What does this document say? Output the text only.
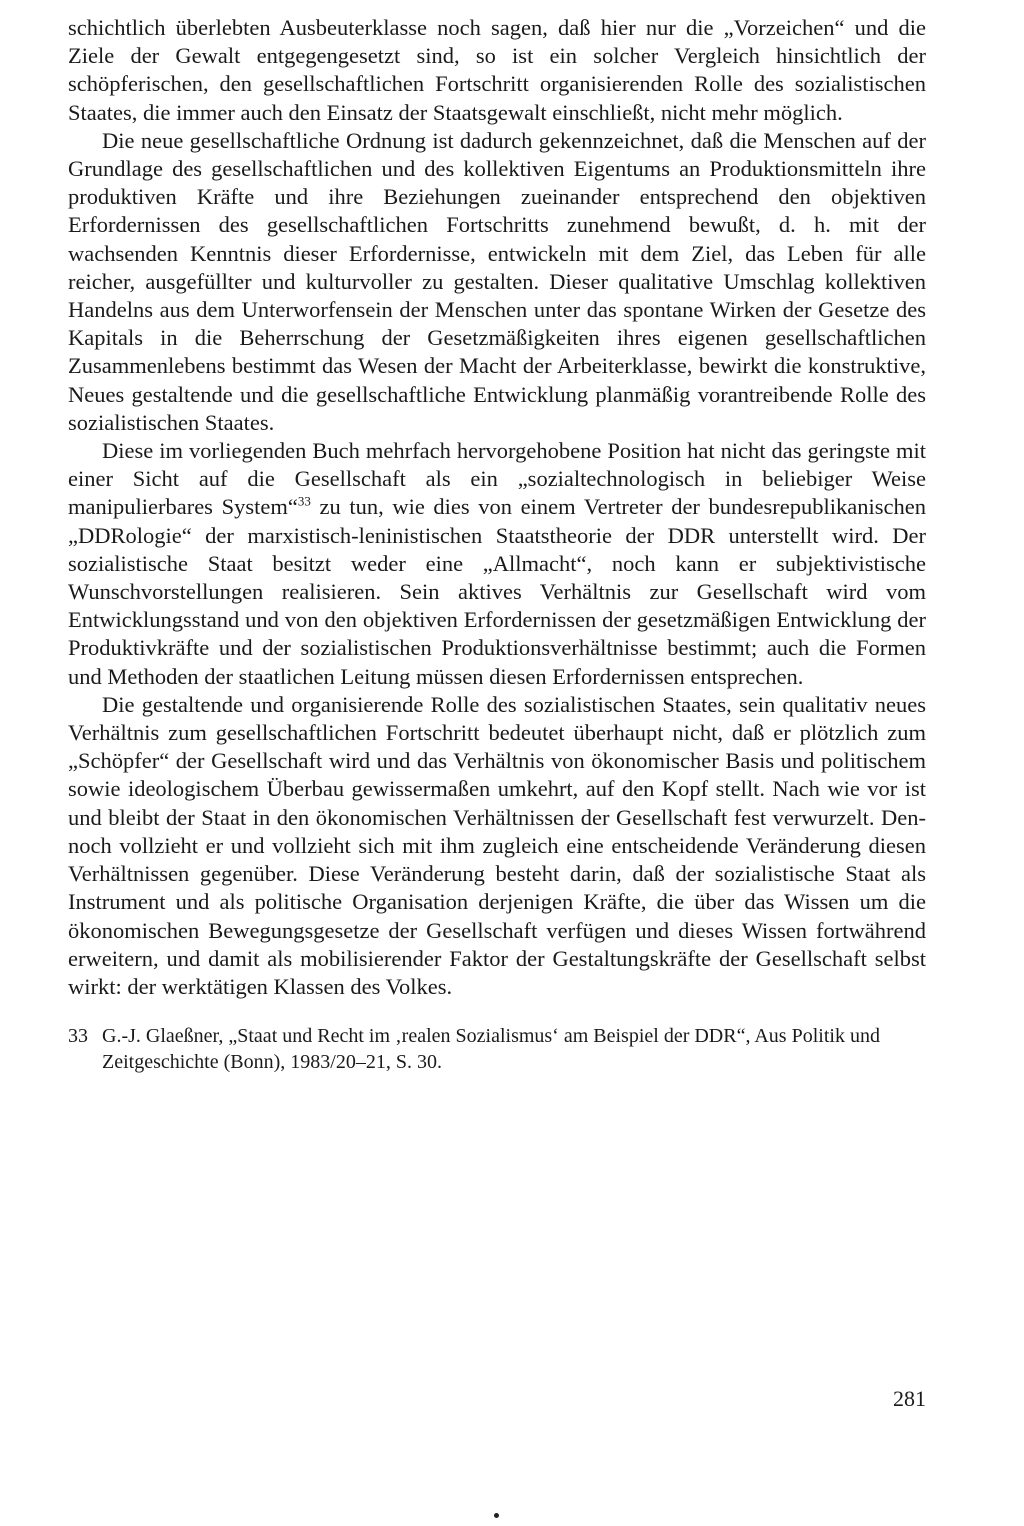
schichtlich überlebten Ausbeuterklasse noch sagen, daß hier nur die „Vorzeichen“ und die Ziele der Gewalt entgegengesetzt sind, so ist ein solcher Vergleich hinsichtlich der schöpferischen, den gesellschaftlichen Fortschritt organisierenden Rolle des sozialistischen Staates, die immer auch den Einsatz der Staatsgewalt einschließt, nicht mehr möglich.

Die neue gesellschaftliche Ordnung ist dadurch gekennzeichnet, daß die Menschen auf der Grundlage des gesellschaftlichen und des kollektiven Eigentums an Produktionsmitteln ihre produktiven Kräfte und ihre Beziehungen zueinander entsprechend den objektiven Erfordernissen des gesellschaftlichen Fortschritts zunehmend bewußt, d. h. mit der wachsenden Kenntnis dieser Erfordernisse, entwickeln mit dem Ziel, das Leben für alle reicher, ausgefüllter und kulturvoller zu gestalten. Dieser qualitative Umschlag kollektiven Handelns aus dem Unterworfensein der Menschen unter das spontane Wirken der Gesetze des Kapitals in die Beherrschung der Gesetzmäßigkeiten ihres eigenen gesellschaftlichen Zusammenlebens bestimmt das Wesen der Macht der Arbeiterklasse, bewirkt die konstruktive, Neues gestaltende und die gesellschaftliche Entwicklung planmäßig vorantreibende Rolle des sozialistischen Staates.

Diese im vorliegenden Buch mehrfach hervorgehobene Position hat nicht das geringste mit einer Sicht auf die Gesellschaft als ein „sozialtechnologisch in beliebiger Weise manipulierbares System“$^{33}$ zu tun, wie dies von einem Vertreter der bundesrepublikanischen „DDRologie“ der marxistisch-leninistischen Staatstheorie der DDR unterstellt wird. Der sozialistische Staat besitzt weder eine „Allmacht“, noch kann er subjektivistische Wunschvorstellungen realisieren. Sein aktives Verhältnis zur Gesellschaft wird vom Entwicklungsstand und von den objektiven Erfordernissen der gesetzmäßigen Entwicklung der Produktivkräfte und der sozialistischen Produktionsverhältnisse bestimmt; auch die Formen und Methoden der staatlichen Leitung müssen diesen Erfordernissen entsprechen.

Die gestaltende und organisierende Rolle des sozialistischen Staates, sein qualitativ neues Verhältnis zum gesellschaftlichen Fortschritt bedeutet überhaupt nicht, daß er plötzlich zum „Schöpfer“ der Gesellschaft wird und das Verhältnis von ökonomischer Basis und politischem sowie ideologischem Überbau gewissermaßen umkehrt, auf den Kopf stellt. Nach wie vor ist und bleibt der Staat in den ökonomischen Verhältnissen der Gesellschaft fest verwurzelt. Dennoch vollzieht er und vollzieht sich mit ihm zugleich eine entscheidende Veränderung diesen Verhältnissen gegenüber. Diese Veränderung besteht darin, daß der sozialistische Staat als Instrument und als politische Organisation derjenigen Kräfte, die über das Wissen um die ökonomischen Bewegungsgesetze der Gesellschaft verfügen und dieses Wissen fortwährend erweitern, und damit als mobilisierender Faktor der Gestaltungskräfte der Gesellschaft selbst wirkt: der werktätigen Klassen des Volkes.

33 G.-J. Glaeßner, „Staat und Recht im ‚realen Sozialismus‘ am Beispiel der DDR“, Aus Politik und Zeitgeschichte (Bonn), 1983/20–21, S. 30.

281
